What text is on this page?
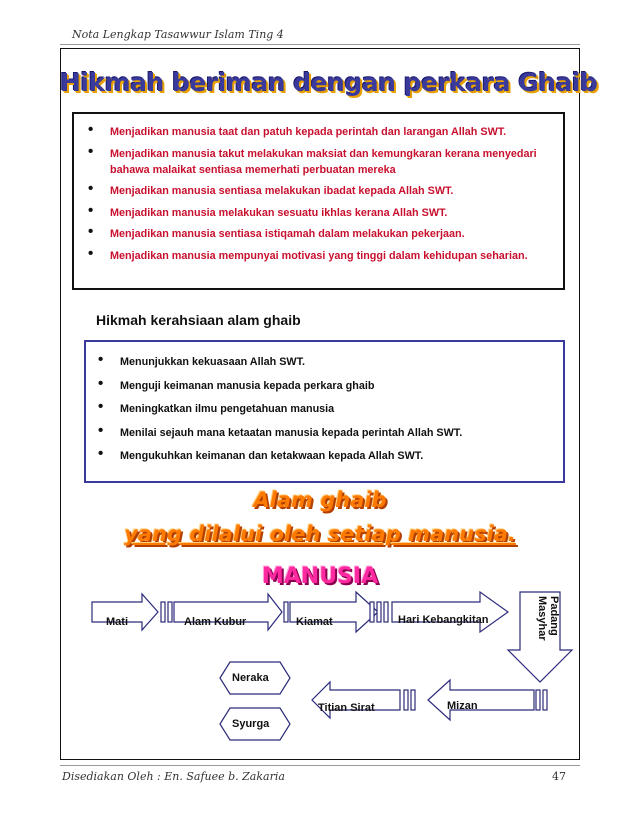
Nota Lengkap Tasawwur Islam Ting 4
Hikmah beriman dengan perkara Ghaib
• Menjadikan manusia taat dan patuh kepada perintah dan larangan Allah SWT.
• Menjadikan manusia takut melakukan maksiat dan kemungkaran kerana menyedari bahawa malaikat sentiasa memerhati perbuatan mereka
• Menjadikan manusia sentiasa melakukan ibadat kepada Allah SWT.
• Menjadikan manusia melakukan sesuatu ikhlas kerana Allah SWT.
• Menjadikan manusia sentiasa istiqamah dalam melakukan pekerjaan.
• Menjadikan manusia mempunyai motivasi yang tinggi dalam kehidupan seharian.
Hikmah kerahsiaan alam ghaib
• Menunjukkan kekuasaan Allah SWT.
• Menguji keimanan manusia kepada perkara ghaib
• Meningkatkan ilmu pengetahuan manusia
• Menilai sejauh mana ketaatan manusia kepada perintah Allah SWT.
• Mengukuhkan keimanan dan ketakwaan kepada Allah SWT.
Alam ghaib
yang dilalui oleh setiap manusia.
MANUSIA
Mati	Alam Kubur	Kiamat	Hari Kebangkitan	Padang
Masyhar
Mizan
Titian Sirat
Neraka
Syurga
Disediakan Oleh : En. Safuee b. Zakaria	47
